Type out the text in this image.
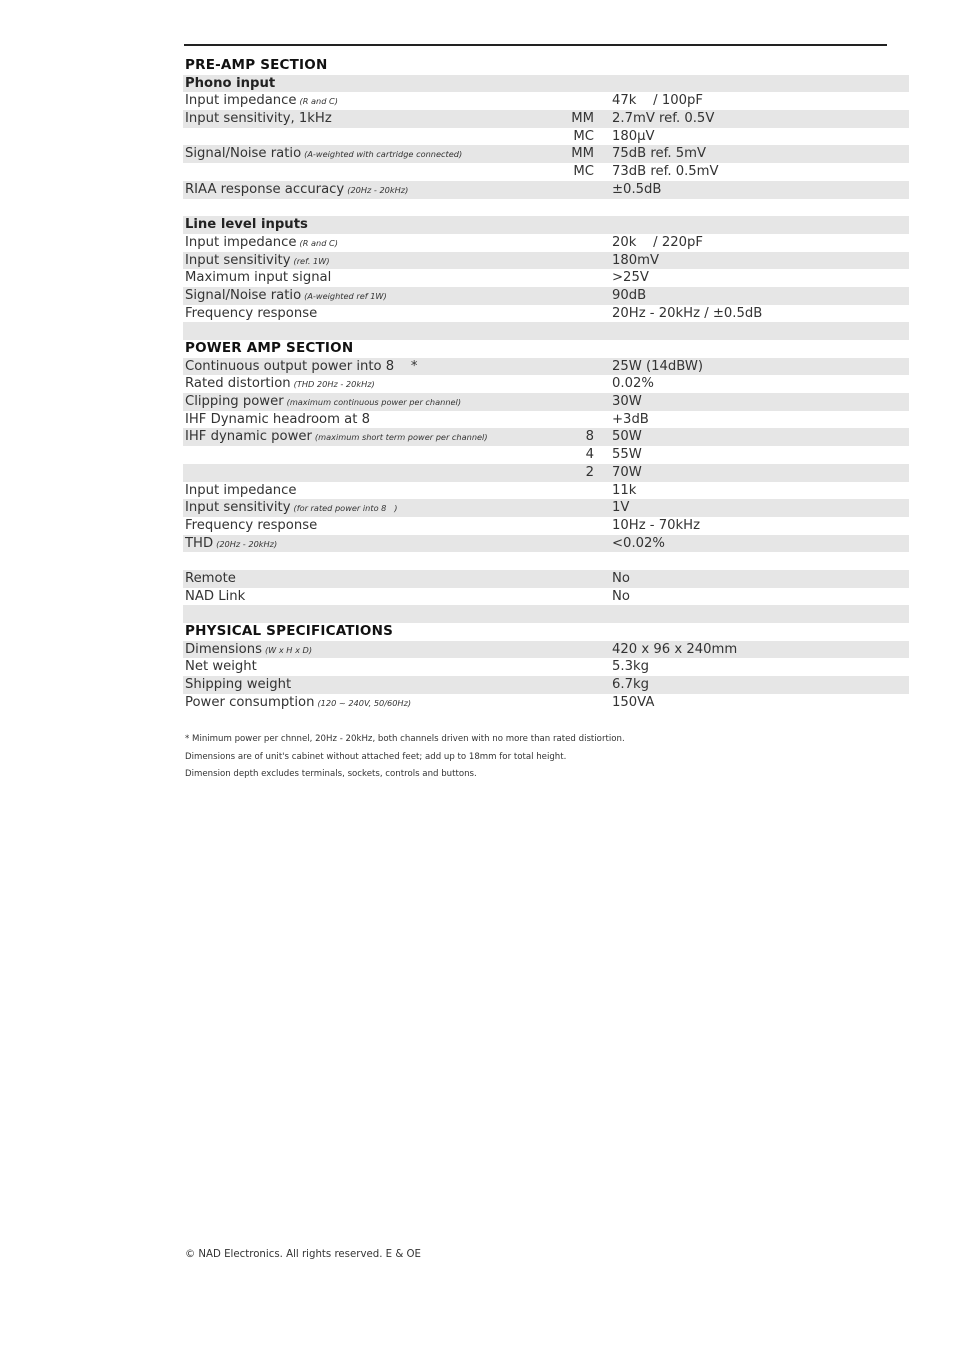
PRE-AMP SECTION
Phono input
Input impedance (R and C)	47k    / 100pF
Input sensitivity, 1kHz	MM 2.7mV ref. 0.5V
MC 180µV
Signal/Noise ratio (A-weighted with cartridge connected)	MM 75dB ref. 5mV
MC 73dB ref. 0.5mV
RIAA response accuracy (20Hz - 20kHz)	±0.5dB
Line level inputs
Input impedance (R and C)	20k    / 220pF
Input sensitivity (ref. 1W)	180mV
Maximum input signal	>25V
Signal/Noise ratio (A-weighted ref 1W)	90dB
Frequency response	20Hz - 20kHz / ±0.5dB
POWER AMP SECTION
Continuous output power into 8    *	25W (14dBW)
Rated distortion (THD 20Hz - 20kHz)	0.02%
Clipping power (maximum continuous power per channel)	30W
IHF Dynamic headroom at 8	+3dB
IHF dynamic power (maximum short term power per channel)	8 50W
4 55W
2 70W
Input impedance	11k
Input sensitivity (for rated power into 8   )	1V
Frequency response	10Hz - 70kHz
THD (20Hz - 20kHz)	<0.02%
Remote	No
NAD Link	No
PHYSICAL SPECIFICATIONS
Dimensions (W x H x D)	420 x 96 x 240mm
Net weight	5.3kg
Shipping weight	6.7kg
Power consumption (120 ~ 240V, 50/60Hz)	150VA
* Minimum power per chnnel, 20Hz - 20kHz, both channels driven with no more than rated distiortion.
Dimensions are of unit's cabinet without attached feet; add up to 18mm for total height.
Dimension depth excludes terminals, sockets, controls and buttons.
© NAD Electronics. All rights reserved. E & OE
